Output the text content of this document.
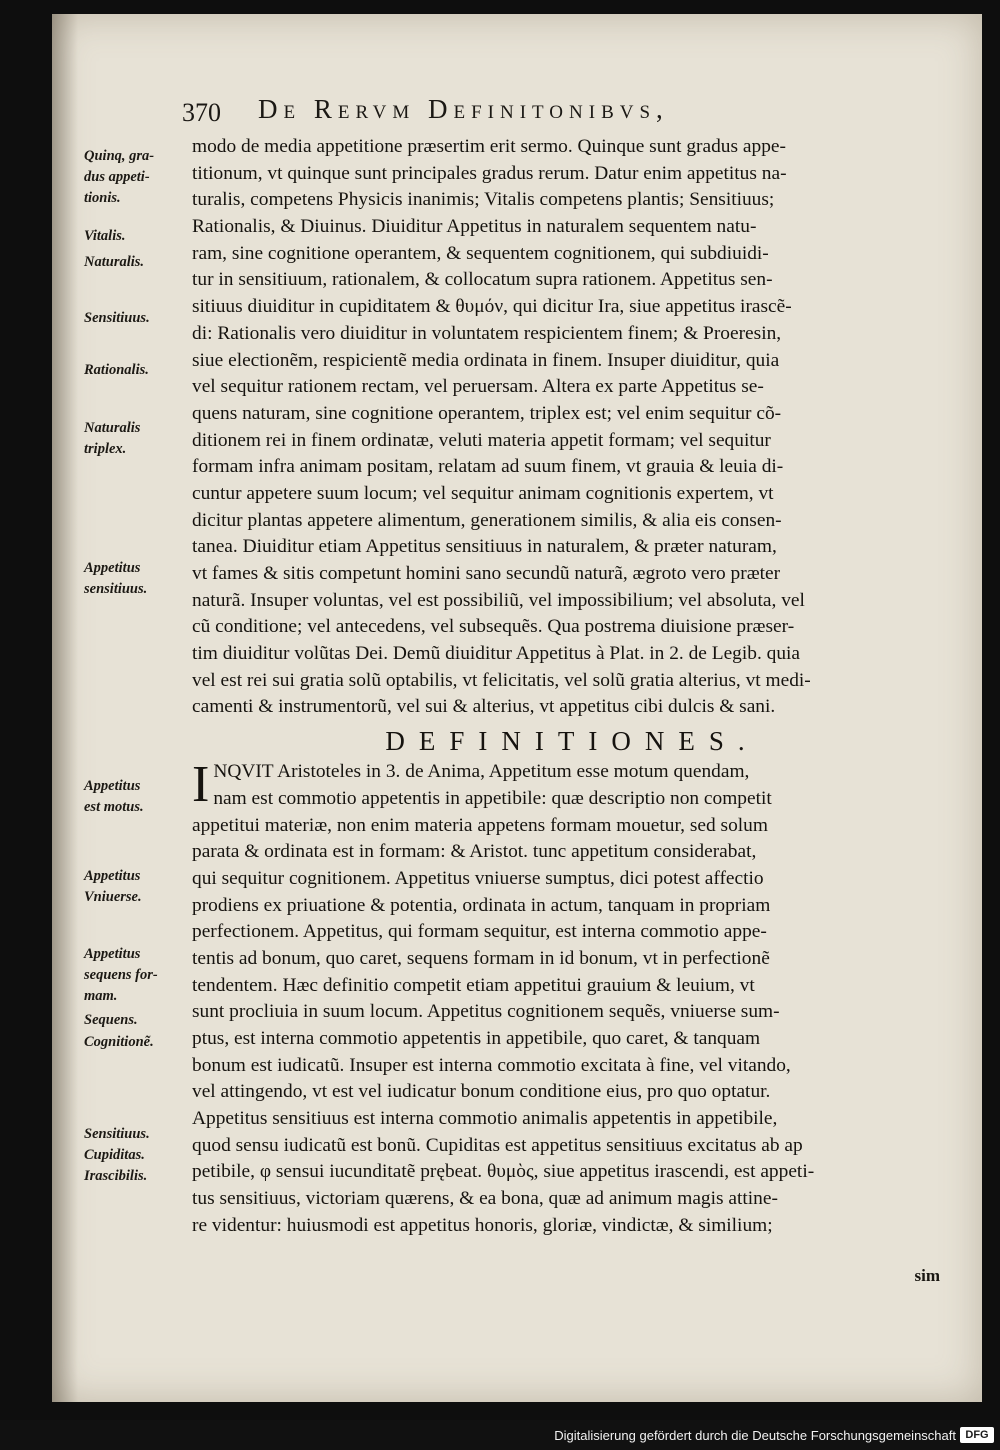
370 De Rervm Definitonibvs,
Quinq, gra-
dus appeti-
tionis.
Vitalis.
Naturalis.
Sensitiuus.
Rationalis.
Naturalis
triplex.
Appetitus
sensitiuus.
Appetitus
est motus.
Appetitus
Vniuerse.
Appetitus
sequens for-
mam.
Sequens.
Cognitionẽ.
Sensitiuus.
Cupiditas.
Irascibilis.
modo de media appetitione præsertim erit sermo. Quinque sunt gradus appe-
titionum, vt quinque sunt principales gradus rerum. Datur enim appetitus na-
turalis, competens Physicis inanimis; Vitalis competens plantis; Sensitiuus;
Rationalis, & Diuinus. Diuiditur Appetitus in naturalem sequentem natu-
ram, sine cognitione operantem, & sequentem cognitionem, qui subdiuidi-
tur in sensitiuum, rationalem, & collocatum supra rationem. Appetitus sen-
sitiuus diuiditur in cupiditatem & θυμόν, qui dicitur Ira, siue appetitus irascẽ-
di: Rationalis vero diuiditur in voluntatem respicientem finem; & Proeresin,
siue electionẽm, respicientẽ media ordinata in finem. Insuper diuiditur, quia
vel sequitur rationem rectam, vel peruersam. Altera ex parte Appetitus se-
quens naturam, sine cognitione operantem, triplex est; vel enim sequitur cõ-
ditionem rei in finem ordinatæ, veluti materia appetit formam; vel sequitur
formam infra animam positam, relatam ad suum finem, vt grauia & leuia di-
cuntur appetere suum locum; vel sequitur animam cognitionis expertem, vt
dicitur plantas appetere alimentum, generationem similis, & alia eis consen-
tanea. Diuiditur etiam Appetitus sensitiuus in naturalem, & præter naturam,
vt fames & sitis competunt homini sano secundũ naturã, ægroto vero præter
naturã. Insuper voluntas, vel est possibiliũ, vel impossibilium; vel absoluta, vel
cũ conditione; vel antecedens, vel subsequẽs. Qua postrema diuisione præser-
tim diuiditur volũtas Dei. Demũ diuiditur Appetitus à Plat. in 2. de Legib. quia
vel est rei sui gratia solũ optabilis, vt felicitatis, vel solũ gratia alterius, vt medi-
camenti & instrumentorũ, vel sui & alterius, vt appetitus cibi dulcis & sani.
DEFINITIONES.
I NQVIT Aristoteles in 3. de Anima, Appetitum esse motum quendam,
nam est commotio appetentis in appetibile: quæ descriptio non competit
appetitui materiæ, non enim materia appetens formam mouetur, sed solum
parata & ordinata est in formam: & Aristot. tunc appetitum considerabat,
qui sequitur cognitionem. Appetitus vniuerse sumptus, dici potest affectio
prodiens ex priuatione & potentia, ordinata in actum, tanquam in propriam
perfectionem. Appetitus, qui formam sequitur, est interna commotio appe-
tentis ad bonum, quo caret, sequens formam in id bonum, vt in perfectionẽ
tendentem. Hæc definitio competit etiam appetitui grauium & leuium, vt
sunt procliuia in suum locum. Appetitus cognitionem sequẽs, vniuerse sum-
ptus, est interna commotio appetentis in appetibile, quo caret, & tanquam
bonum est iudicatũ. Insuper est interna commotio excitata à fine, vel vitando,
vel attingendo, vt est vel iudicatur bonum conditione eius, pro quo optatur.
Appetitus sensitiuus est interna commotio animalis appetentis in appetibile,
quod sensu iudicatũ est bonũ. Cupiditas est appetitus sensitiuus excitatus ab ap
petibile, φ sensui iucunditatẽ prębeat. θυμὸς, siue appetitus irascendi, est appeti-
tus sensitiuus, victoriam quærens, & ea bona, quæ ad animum magis attine-
re videntur: huiusmodi est appetitus honoris, gloriæ, vindictæ, & similium;
sim
Digitalisierung gefördert durch die Deutsche Forschungsgemeinschaft DFG
